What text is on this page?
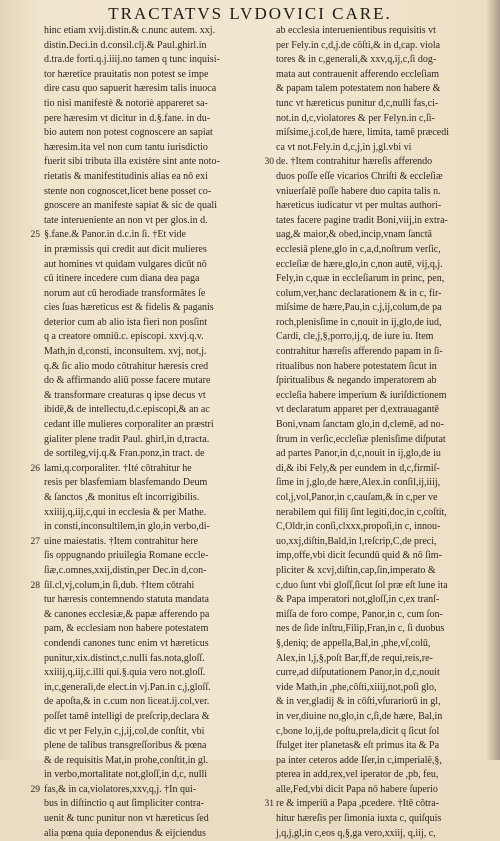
TRACTATVS LVDOVICI CARE.
hinc etiam xvij.distin.& c.nunc autem. xxj.
distin.Deci.in d.consil.clj.& Paul.ghirl.in
d.tra.de forti.q.j.iiij.no tamen q tunc inquisi-
tor hæretice prauitatis non potest se impe
dire casu quo sapuerit hæresim talis inuoca
tio nisi manifestè & notoriè appareret sa-
pere hæresim vt dicitur in d.§.fane. in du-
bio autem non potest cognoscere an sapiat
hæresim.ita vel non cum tantu iurisdictio
fuerit sibi tributa illa existère sint ante noto-
rietatis & manifestitudinis alias ea nō exi
stente non cognoscet,licet bene posset co-
gnoscere an manifeste sapiat & sic de quali
tate interueniente an non vt per glos.in d.
25 §.fane.& Panor.in d.c.in ſi. †Et vide
in præmissis qui credit aut dicit mulieres
aut homines vt quidam vulgares dicūt nō
cū itinere incedere cum diana dea paga
norum aut cū herodiade transformātes ſe
cies ſuas hæreticus est & fidelis & paganis
deterior cum ab alio ista fieri non posſint
q a creatore omniū.c. episcopi. xxvj.q.v.
Math,in d,consti, inconsultem. xvj, not,j.
q.& ſic alio modo cōtrahitur hæresis cred
do & affirmando aliū posse facere mutare
& transformare creaturas q ipse decus vt
ibidē,& de intellectu,d.c.episcopi,& an ac
cedant ille mulieres corporaliter an præstri
gialiter plene tradit Paul. ghirl,in d,tracta.
de sortileg,vij.q.& Fran.ponz,in tract. de
26 lami,q.corporaliter. †Ité cōtrahitur he
resis per blasfemiam blasfemando Deum
& ſanctos ,& monitus eſt incorrigibilis.
xxiiij,q,iij,c,qui in ecclesia & per Mathe.
in consti,inconsultilem,in glo,in verbo,di-
27 uine maiestatis. †Item contrahitur here
ſis oppugnando priuilegia Romane eccle-
ſiæ,c.omnes,xxij,distin,per Dec.in d,con-
28 ſil.cl,vj,colum,in ſi,dub. †Item cōtrahi
tur hæresis contemnendo statuta mandata
& canones ecclesiæ,& papæ afferendo pa
pam, & ecclesiam non habere potestatem
condendi canones tunc enim vt hæreticus
punitur,xix.distinct,c.nulli fas.nota,gloſſ.
xxiiij,q,iij,c.illi qui.§.quia vero not.gloſſ.
in,c,generali,de elect.in vj.Pan.in c,j,gloſſ.
de apoſta,& in c.cum non liceat.ij.col,ver.
poſſet tamē intelligi de preſcrip,declara &
dic vt per Fely,in c,j,ij,col,de conſtit, vbi
plene de talibus transgreſſoribus & pœna
& de requisitis Mat,in prohe,conſtit,in gl.
in verbo,mortalitate not,gloſſ,in d,c, nulli
29 fas,& in ca,violatores,xxv,q,j. †In qui-
bus in diſtinctio q aut ſimpliciter contra-
uenit & tunc punitur non vt hæreticus ſed
alia pœna quia deponendus & eijciendus
ab ecclesia interuenientibus requisitis vt
per Fely.in c,d,j.de cōſti,& in d,cap. viola
tores & in c,generali,& xxv,q,ij,c,ſi dog-
mata aut contrauenit afferendo eccleſiam
& papam talem potestatem non habere &
tunc vt hæreticus punitur d,c,nulli fas,ci-
not.in d,c,violatores & per Felyn.in c,ſi-
miſsime,j.col,de hære, limita, tamē præcedi
ca vt not.Fely.in d,c,j,in j,gl.vbi vi
30 de. †Item contrahitur hæreſis afferendo
duos poſſe eſſe vicarios Chriſti & eccleſiæ
vniuerſalē poſſe habere duo capita talis n.
hæreticus iudicatur vt per multas authori-
tates facere pagine tradit Boni,viij,in extra-
uag,& maior,& obed,incip,vnam ſanctā
ecclesiā plene,glo in c,a,d,noſtrum verſic,
eccleſiæ de hære,glo,in c,non autē, vij,q,j.
Fely,in c,quæ in eccleſiarum in princ, pen,
colum,ver,hanc declarationem & in c, fir-
miſsime de hære,Pau,in c,j,ij,colum,de pa
roch,plenisſime in c,nouit in ij,glo,de iud,
Cardi, cle,j,§,porro,ij,q, de iure iu. Item
contrahitur hæreſis afferendo papam in ſi-
ritualibus non habere potestatem ſicut in
ſpiritualibus & negando imperatorem ab
eccleſia habere imperium & iuriſdictionem
vt declaratum apparet per d,extrauagantē
Boni,vnam ſanctam glo,in d,clemē, ad no-
ſtrum in verſic,eccleſiæ plenisſime diſputat
ad partes Panor,in d,c,nouit in ij,glo,de iu
di,& ibi Fely,& per eundem in d,c,firmiſ-
ſime in j,glo,de hære,Alex.in conſil,ij,iiij,
col,j,vol,Panor,in c,cauſam,& in c,per ve
nerabilem qui filij ſint legiti,doc,in c,coſtit,
C,Oldr,in conſi,clxxx,propoſi,in c, innou-
uo,xxj,diſtin,Bald,in l,reſcrip,C,de preci,
imp,offe,vbi dicit ſecundū quid & nō ſim-
pliciter & xcvj,diſtin,cap,ſin,imperato &
c,duo ſunt vbi gloſſ,ſicut ſol præ eſt lune ita
& Papa imperatori not,gloſſ,in c,ex tranſ-
miſſa de foro compe, Panor,in c, cum ſon-
nes de ſide inſtru,Filip,Fran,in c, ſi duobus
§,deniq; de appella,Bal,in ,phe,vſ,colū,
Alex,in l,j,§,poſt Bar,ff,de requi,reis,re-
curre,ad diſputationem Panor,in d,c,nouit
vide Math,in ,phe,cōſti,xiiij,not,poſi glo,
& in ver,gladij & in cōſti,vſurariorū in gl,
in ver,diuine no,glo,in c,ſi,de hære, Bal,in
c,bone lo,ij,de poſtu,prela,dicit q ſicut ſol
ſfulget iter planetas& eſt primus ita & Pa
pa inter ceteros adde Iſer,in c,imperialē,§,
pterea in add,rex,vel iperator de ,pb, feu,
alle,Fed,vbi dicit Papa nō habere ſuperio
31 re & imperiū a Papa ,pcedere. †Itē cōtra-
hitur hæreſis per ſimonia iuxta c, quiſquis
j,q,j,gl,in c,eos q,§,ga vero,xxiij, q,iij, c,
